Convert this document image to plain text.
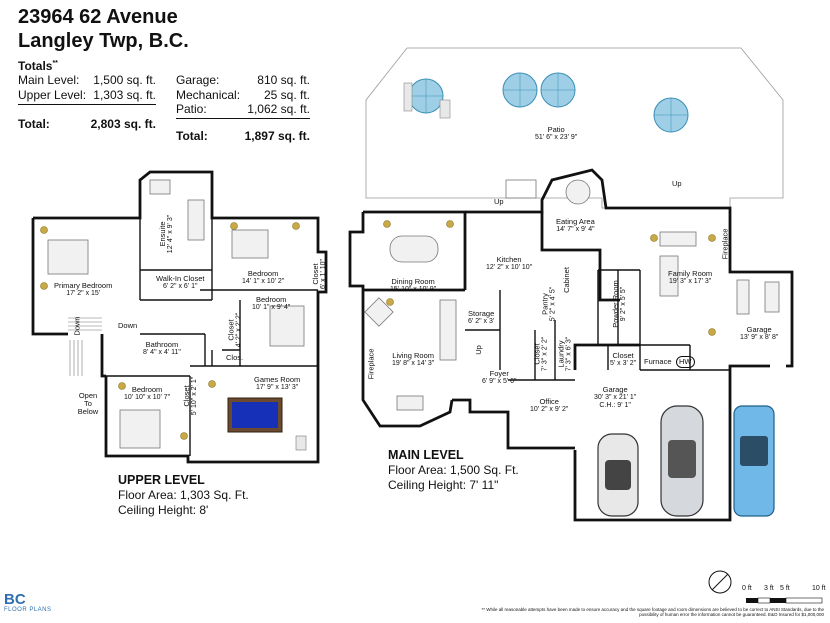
23964 62 Avenue
Langley Twp, B.C.
Totals**
Main Level: 1,500 sq. ft.
Upper Level: 1,303 sq. ft.
Total:	2,803 sq. ft.
Garage:	810 sq. ft.
Mechanical: 25 sq. ft.
Patio:	1,062 sq. ft.
Total:	1,897 sq. ft.
Primary Bedroom
17' 2" x 15'
Ensuite 12' 4" x 9' 3"
Walk-In Closet
6' 2" x 6' 1"
Bedroom
14' 1" x 10' 2"	Closet 6' x 1' 10"
Bedroom
10' 1" x 9' 4"
Closet 4' 2" x 2' 2"
Bathroom
8' 4" x 4' 11"
Clos.
Open To Below
Bedroom
10' 10" x 10' 7" Closet 5' 10" x 2' 1"	Games Room
17' 9" x 13' 3"
Down
Down
Patio
51' 6" x 23' 9"
Eating Area
14' 7" x 9' 4"
Kitchen
12' 2" x 10' 10"
Dining Room
15' 10" x 10' 9"
Family Room
19' 3" x 17' 3"
Pantry 5' 2" x 4' 5"
Cabinet
Powder Room 9' 2" x 5' 5"
Garage
13' 9" x 8' 8"
Storage
6' 2" x 3'
Living Room
19' 8" x 14' 3"	Closet 7' 3" x 2' 2" Laundry 7' 3" x 6' 3"	Closet
5' x 3' 2"
Foyer
6' 9" x 5' 6"
Office
10' 2" x 9' 2"
Garage
30' 3" x 21' 1"
C.H.: 9' 1"
Fireplace
Fireplace
Furnace HW
Up
Up
Up
UPPER LEVEL
Floor Area: 1,303 Sq. Ft.
Ceiling Height: 8'
MAIN LEVEL
Floor Area: 1,500 Sq. Ft.
Ceiling Height: 7' 11"
0 ft 3 ft 5 ft	10 ft
BC
FLOOR PLANS	** While all reasonable attempts have been made to ensure accuracy and the square footage and room dimensions are believed to be correct to ANSI Standards, due to the possibility of human error the information cannot be guaranteed. E&O Insured for $1,000,000
